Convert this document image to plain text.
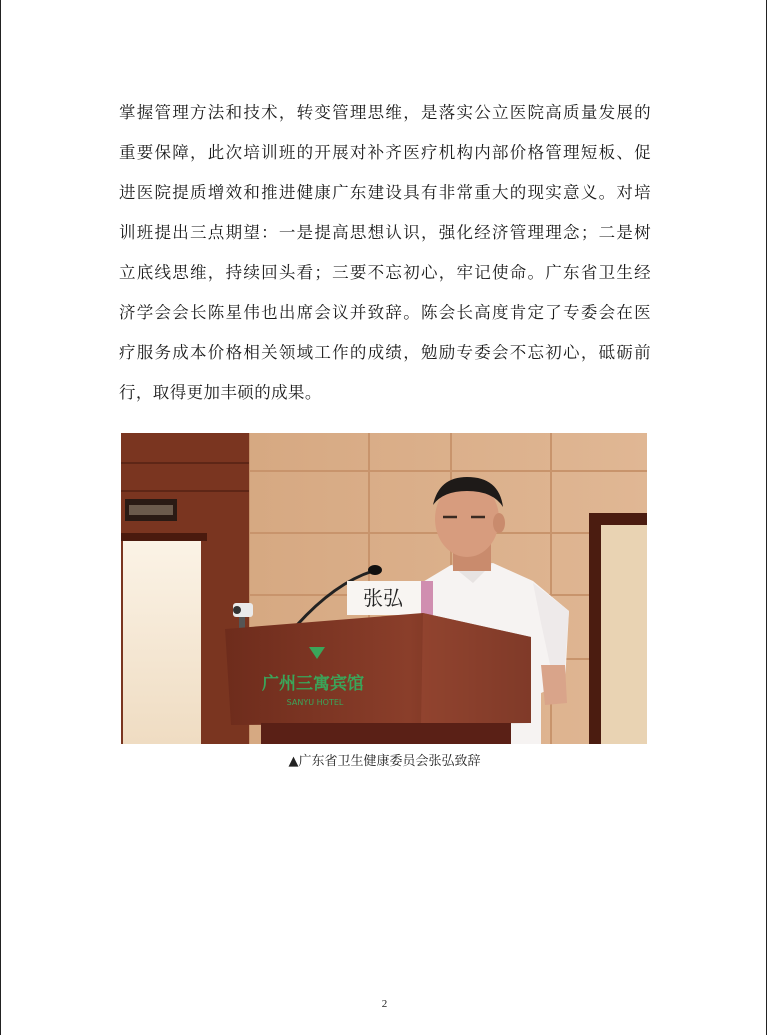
掌握管理方法和技术，转变管理思维，是落实公立医院高质量发展的
重要保障，此次培训班的开展对补齐医疗机构内部价格管理短板、促
进医院提质增效和推进健康广东建设具有非常重大的现实意义。对培
训班提出三点期望：一是提高思想认识，强化经济管理理念；二是树
立底线思维，持续回头看；三要不忘初心，牢记使命。广东省卫生经
济学会会长陈星伟也出席会议并致辞。陈会长高度肯定了专委会在医
疗服务成本价格相关领域工作的成绩，勉励专委会不忘初心，砥砺前
行，取得更加丰硕的成果。

张弘
广州三寓宾馆
SANYU HOTEL
▲广东省卫生健康委员会张弘致辞
2
